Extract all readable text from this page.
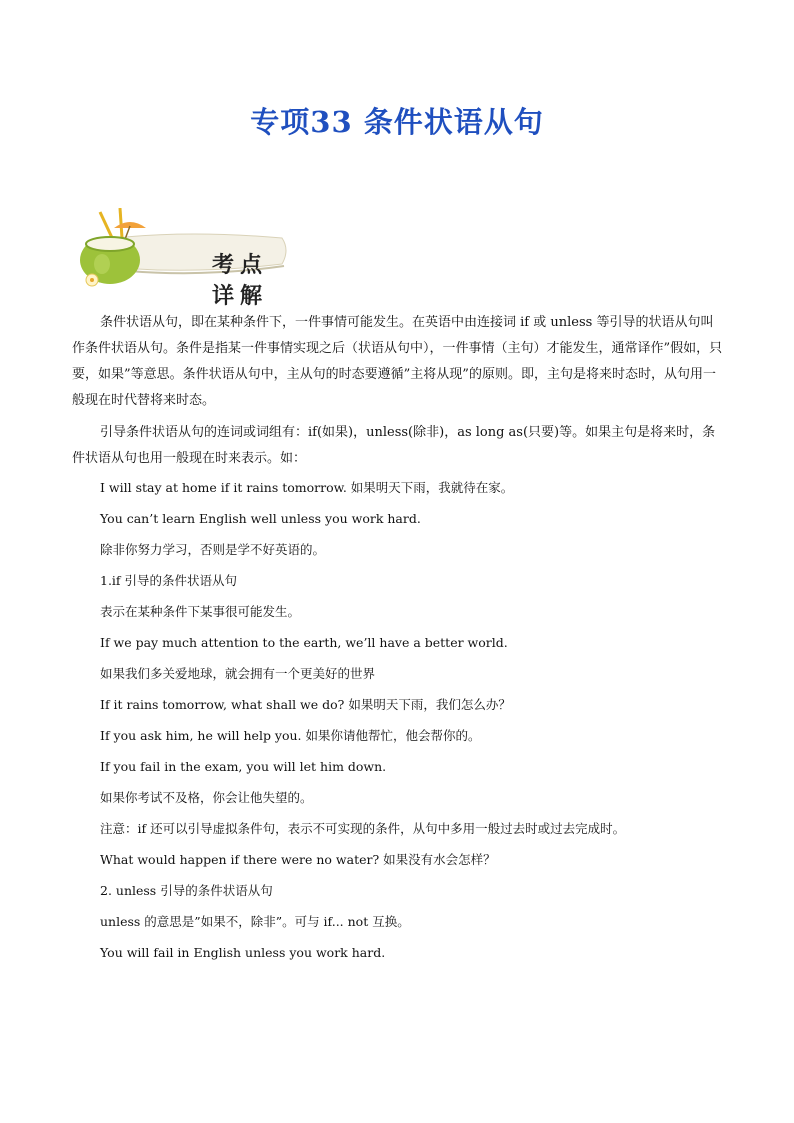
专项33 条件状语从句
考点详解

条件状语从句，即在某种条件下，一件事情可能发生。在英语中由连接词 if 或 unless 等引导的状语从句叫作条件状语从句。条件是指某一件事情实现之后（状语从句中），一件事情（主句）才能发生，通常译作”假如，只要，如果”等意思。条件状语从句中，主从句的时态要遵循”主将从现”的原则。即，主句是将来时态时，从句用一般现在时代替将来时态。

引导条件状语从句的连词或词组有：if(如果)，unless(除非)，as long as(只要)等。如果主句是将来时，条件状语从句也用一般现在时来表示。如：

I will stay at home if it rains tomorrow. 如果明天下雨，我就待在家。

You can’t learn English well unless you work hard.

除非你努力学习，否则是学不好英语的。

1.if 引导的条件状语从句

表示在某种条件下某事很可能发生。

If we pay much attention to the earth, we’ll have a better world.

如果我们多关爱地球，就会拥有一个更美好的世界

If it rains tomorrow, what shall we do? 如果明天下雨，我们怎么办？

If you ask him, he will help you. 如果你请他帮忙，他会帮你的。

If you fail in the exam, you will let him down.

如果你考试不及格，你会让他失望的。

注意：if 还可以引导虚拟条件句，表示不可实现的条件，从句中多用一般过去时或过去完成时。

What would happen if there were no water? 如果没有水会怎样？

2. unless 引导的条件状语从句

unless 的意思是”如果不，除非”。可与 if... not 互换。

You will fail in English unless you work hard.
